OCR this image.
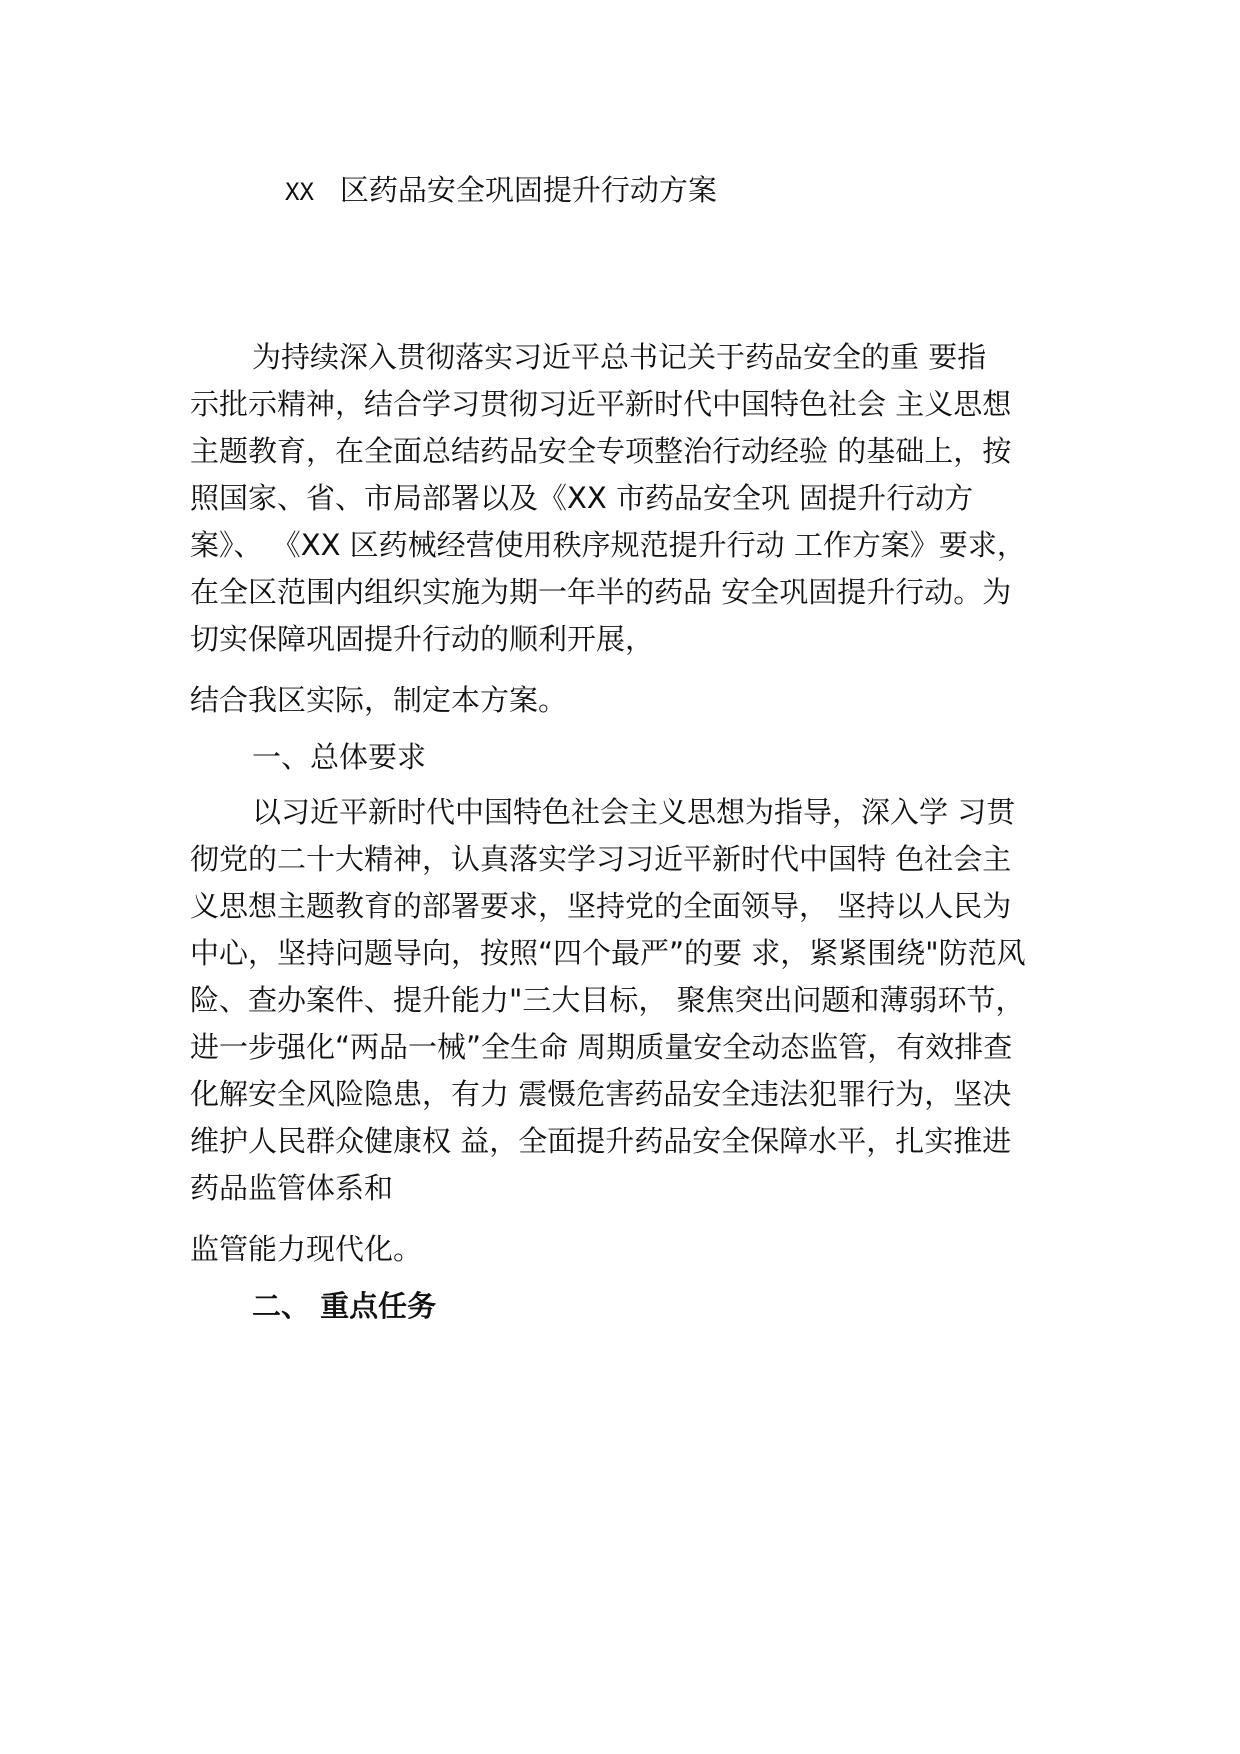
XX 区药品安全巩固提升行动方案
为持续深入贯彻落实习近平总书记关于药品安全的重 要指
示批示精神，结合学习贯彻习近平新时代中国特色社会 主义思想
主题教育，在全面总结药品安全专项整治行动经验 的基础上，按
照国家、省、市局部署以及《XX 市药品安全巩 固提升行动方
案》、 《XX 区药械经营使用秩序规范提升行动 工作方案》要求，
在全区范围内组织实施为期一年半的药品 安全巩固提升行动。为
切实保障巩固提升行动的顺利开展，
结合我区实际，制定本方案。
一、总体要求
以习近平新时代中国特色社会主义思想为指导，深入学 习贯
彻党的二十大精神，认真落实学习习近平新时代中国特 色社会主
义思想主题教育的部署要求，坚持党的全面领导， 坚持以人民为
中心，坚持问题导向，按照“四个最严”的要 求，紧紧围绕"防范风
险、查办案件、提升能力"三大目标， 聚焦突出问题和薄弱环节，
进一步强化“两品一械”全生命 周期质量安全动态监管，有效排查
化解安全风险隐患，有力 震慑危害药品安全违法犯罪行为，坚决
维护人民群众健康权 益，全面提升药品安全保障水平，扎实推进
药品监管体系和
监管能力现代化。
二、 重点任务
